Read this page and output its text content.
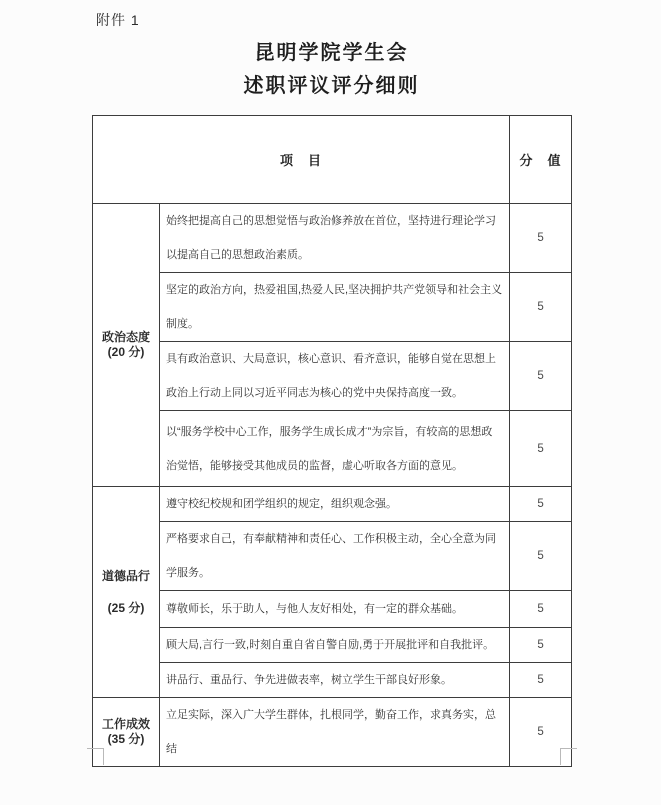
附件 1
昆明学院学生会
述职评议评分细则
项　目		分　值

政治态度
(20 分)	始终把提高自己的思想觉悟与政治修养放在首位，坚持进行理论学习以提高自己的思想政治素质。	5
	坚定的政治方向，热爱祖国,热爱人民,坚决拥护共产党领导和社会主义制度。	5
	具有政治意识、大局意识，核心意识、看齐意识，能够自觉在思想上政治上行动上同以习近平同志为核心的党中央保持高度一致。	5
	以“服务学校中心工作，服务学生成长成才”为宗旨，有较高的思想政治觉悟，能够接受其他成员的监督，虚心听取各方面的意见。	5

道德品行
(25 分)	遵守校纪校规和团学组织的规定，组织观念强。	5
	严格要求自己，有奉献精神和责任心、工作积极主动，全心全意为同学服务。	5
	尊敬师长，乐于助人，与他人友好相处，有一定的群众基础。	5
	顾大局,言行一致,时刻自重自省自警自励,勇于开展批评和自我批评。	5
	讲品行、重品行、争先进做表率，树立学生干部良好形象。	5

工作成效
(35 分)	立足实际，深入广大学生群体，扎根同学，勤奋工作，求真务实，总结	5
